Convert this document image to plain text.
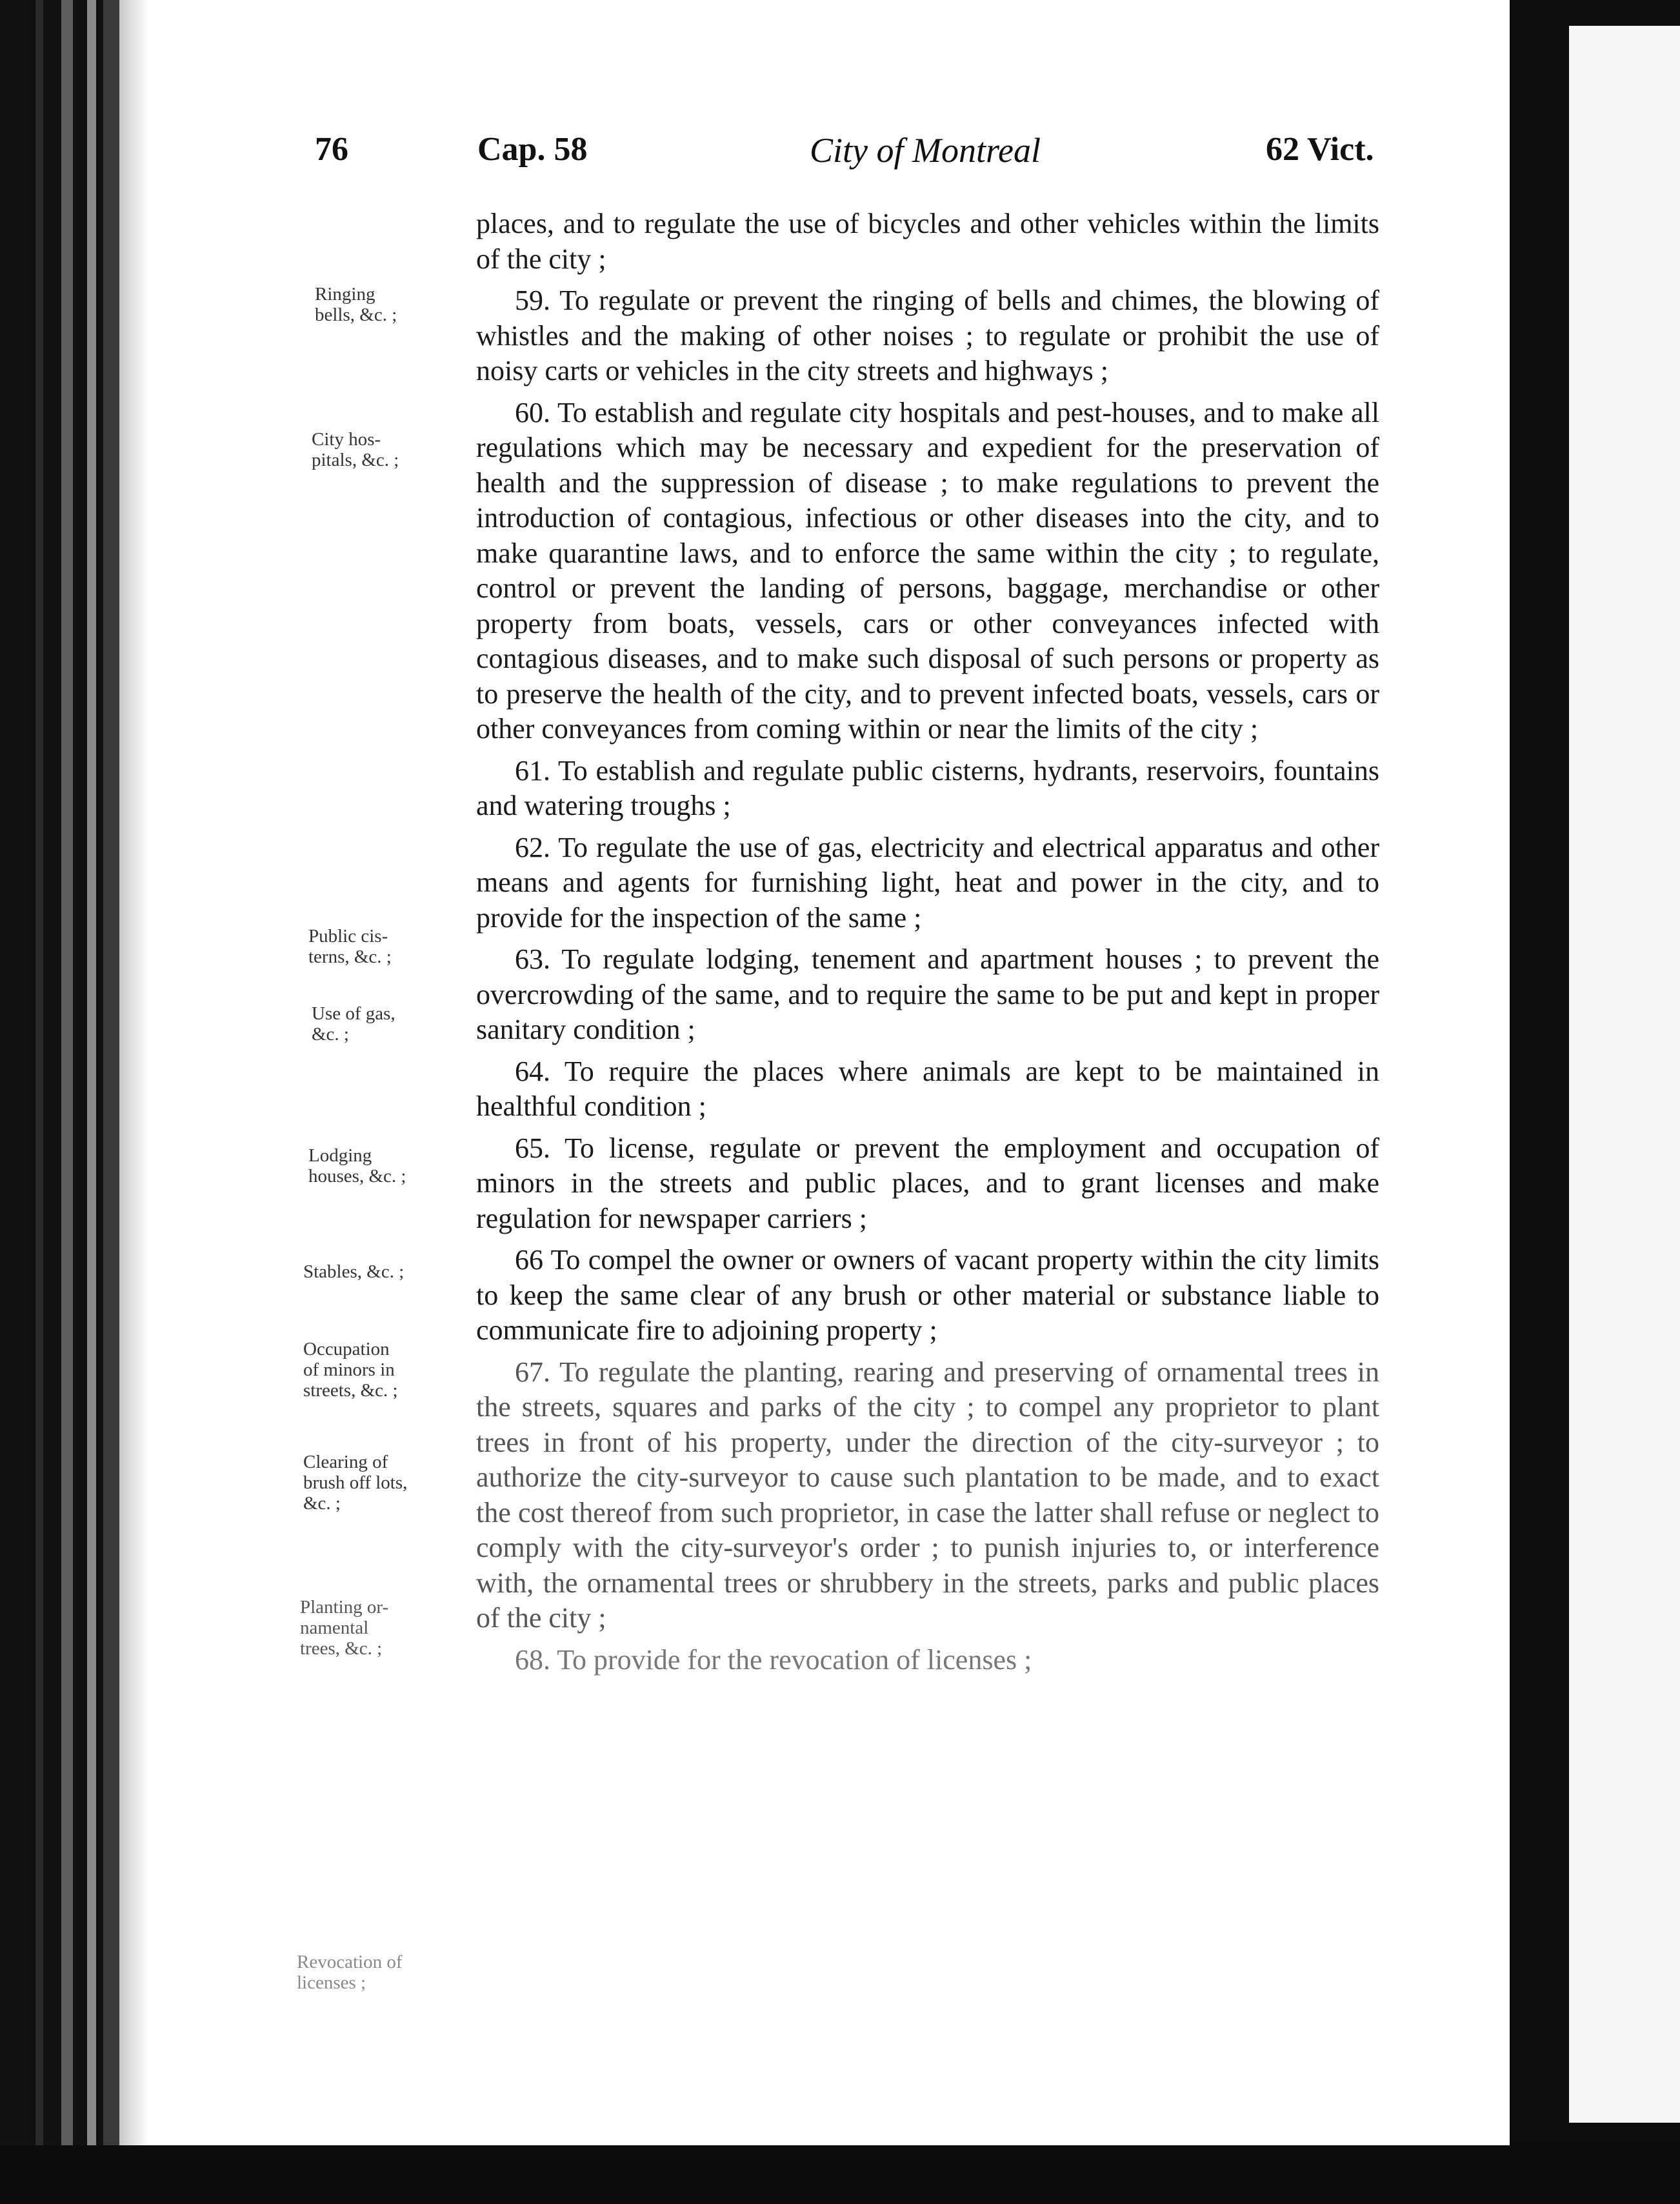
76	Cap. 58	City of Montreal	62 Vict.

places, and to regulate the use of bicycles and other vehicles within the limits of the city ;

59. To regulate or prevent the ringing of bells and chimes, the blowing of whistles and the making of other noises ; to regulate or prohibit the use of noisy carts or vehicles in the city streets and highways ;

60. To establish and regulate city hospitals and pest-houses, and to make all regulations which may be necessary and expedient for the preservation of health and the suppression of disease ; to make regulations to prevent the introduction of contagious, infectious or other diseases into the city, and to make quarantine laws, and to enforce the same within the city ; to regulate, control or prevent the landing of persons, baggage, merchandise or other property from boats, vessels, cars or other conveyances infected with contagious diseases, and to make such disposal of such persons or property as to preserve the health of the city, and to prevent infected boats, vessels, cars or other conveyances from coming within or near the limits of the city ;

61. To establish and regulate public cisterns, hydrants, reservoirs, fountains and watering troughs ;

62. To regulate the use of gas, electricity and electrical apparatus and other means and agents for furnishing light, heat and power in the city, and to provide for the inspection of the same ;

63. To regulate lodging, tenement and apartment houses ; to prevent the overcrowding of the same, and to require the same to be put and kept in proper sanitary condition ;

64. To require the places where animals are kept to be maintained in healthful condition ;

65. To license, regulate or prevent the employment and occupation of minors in the streets and public places, and to grant licenses and make regulation for newspaper carriers ;

66 To compel the owner or owners of vacant property within the city limits to keep the same clear of any brush or other material or substance liable to communicate fire to adjoining property ;

67. To regulate the planting, rearing and preserving of ornamental trees in the streets, squares and parks of the city ; to compel any proprietor to plant trees in front of his property, under the direction of the city-surveyor ; to authorize the city-surveyor to cause such plantation to be made, and to exact the cost thereof from such proprietor, in case the latter shall refuse or neglect to comply with the city-surveyor's order ; to punish injuries to, or interference with, the ornamental trees or shrubbery in the streets, parks and public places of the city ;

68. To provide for the revocation of licenses ;

Ringing
bells, &c. ;
City hos-
pitals, &c. ;
Public cis-
terns, &c. ;
Use of gas,
&c. ;
Lodging
houses, &c. ;
Stables, &c. ;
Occupation
of minors in
streets, &c. ;
Clearing of
brush off lots,
&c. ;
Planting or-
namental
trees, &c. ;
Revocation of
licenses ;
